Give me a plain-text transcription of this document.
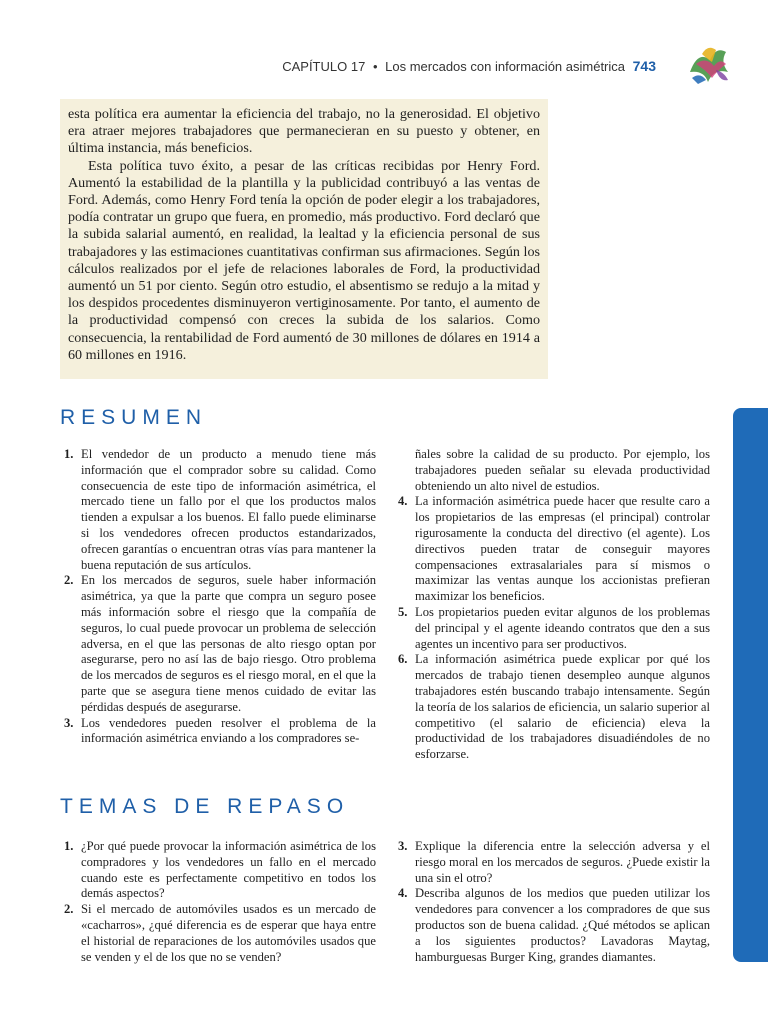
CAPÍTULO 17 • Los mercados con información asimétrica 743

esta política era aumentar la eficiencia del trabajo, no la generosidad. El objetivo era atraer mejores trabajadores que permanecieran en su puesto y obtener, en última instancia, más beneficios.

Esta política tuvo éxito, a pesar de las críticas recibidas por Henry Ford. Aumentó la estabilidad de la plantilla y la publicidad contribuyó a las ventas de Ford. Además, como Henry Ford tenía la opción de poder elegir a los trabajadores, podía contratar un grupo que fuera, en promedio, más productivo. Ford declaró que la subida salarial aumentó, en realidad, la lealtad y la eficiencia personal de sus trabajadores y las estimaciones cuantitativas confirman sus afirmaciones. Según los cálculos realizados por el jefe de relaciones laborales de Ford, la productividad aumentó un 51 por ciento. Según otro estudio, el absentismo se redujo a la mitad y los despidos procedentes disminuyeron vertiginosamente. Por tanto, el aumento de la productividad compensó con creces la subida de los salarios. Como consecuencia, la rentabilidad de Ford aumentó de 30 millones de dólares en 1914 a 60 millones en 1916.

RESUMEN
1. El vendedor de un producto a menudo tiene más información que el comprador sobre su calidad. Como consecuencia de este tipo de información asimétrica, el mercado tiene un fallo por el que los productos malos tienden a expulsar a los buenos. El fallo puede eliminarse si los vendedores ofrecen productos estandarizados, ofrecen garantías o encuentran otras vías para mantener la buena reputación de sus artículos.
2. En los mercados de seguros, suele haber información asimétrica, ya que la parte que compra un seguro posee más información sobre el riesgo que la compañía de seguros, lo cual puede provocar un problema de selección adversa, en el que las personas de alto riesgo optan por asegurarse, pero no así las de bajo riesgo. Otro problema de los mercados de seguros es el riesgo moral, en el que la parte que se asegura tiene menos cuidado de evitar las pérdidas después de asegurarse.
3. Los vendedores pueden resolver el problema de la información asimétrica enviando a los compradores se-

ñales sobre la calidad de su producto. Por ejemplo, los trabajadores pueden señalar su elevada productividad obteniendo un alto nivel de estudios.

4. La información asimétrica puede hacer que resulte caro a los propietarios de las empresas (el principal) controlar rigurosamente la conducta del directivo (el agente). Los directivos pueden tratar de conseguir mayores compensaciones extrasalariales para sí mismos o maximizar las ventas aunque los accionistas prefieran maximizar los beneficios.
5. Los propietarios pueden evitar algunos de los problemas del principal y el agente ideando contratos que den a sus agentes un incentivo para ser productivos.
6. La información asimétrica puede explicar por qué los mercados de trabajo tienen desempleo aunque algunos trabajadores estén buscando trabajo intensamente. Según la teoría de los salarios de eficiencia, un salario superior al competitivo (el salario de eficiencia) eleva la productividad de los trabajadores disuadiéndoles de no esforzarse.
TEMAS DE REPASO
1. ¿Por qué puede provocar la información asimétrica de los compradores y los vendedores un fallo en el mercado cuando este es perfectamente competitivo en todos los demás aspectos?
2. Si el mercado de automóviles usados es un mercado de «cacharros», ¿qué diferencia es de esperar que haya entre el historial de reparaciones de los automóviles usados que se venden y el de los que no se venden?
3. Explique la diferencia entre la selección adversa y el riesgo moral en los mercados de seguros. ¿Puede existir la una sin el otro?
4. Describa algunos de los medios que pueden utilizar los vendedores para convencer a los compradores de que sus productos son de buena calidad. ¿Qué métodos se aplican a los siguientes productos? Lavadoras Maytag, hamburguesas Burger King, grandes diamantes.
